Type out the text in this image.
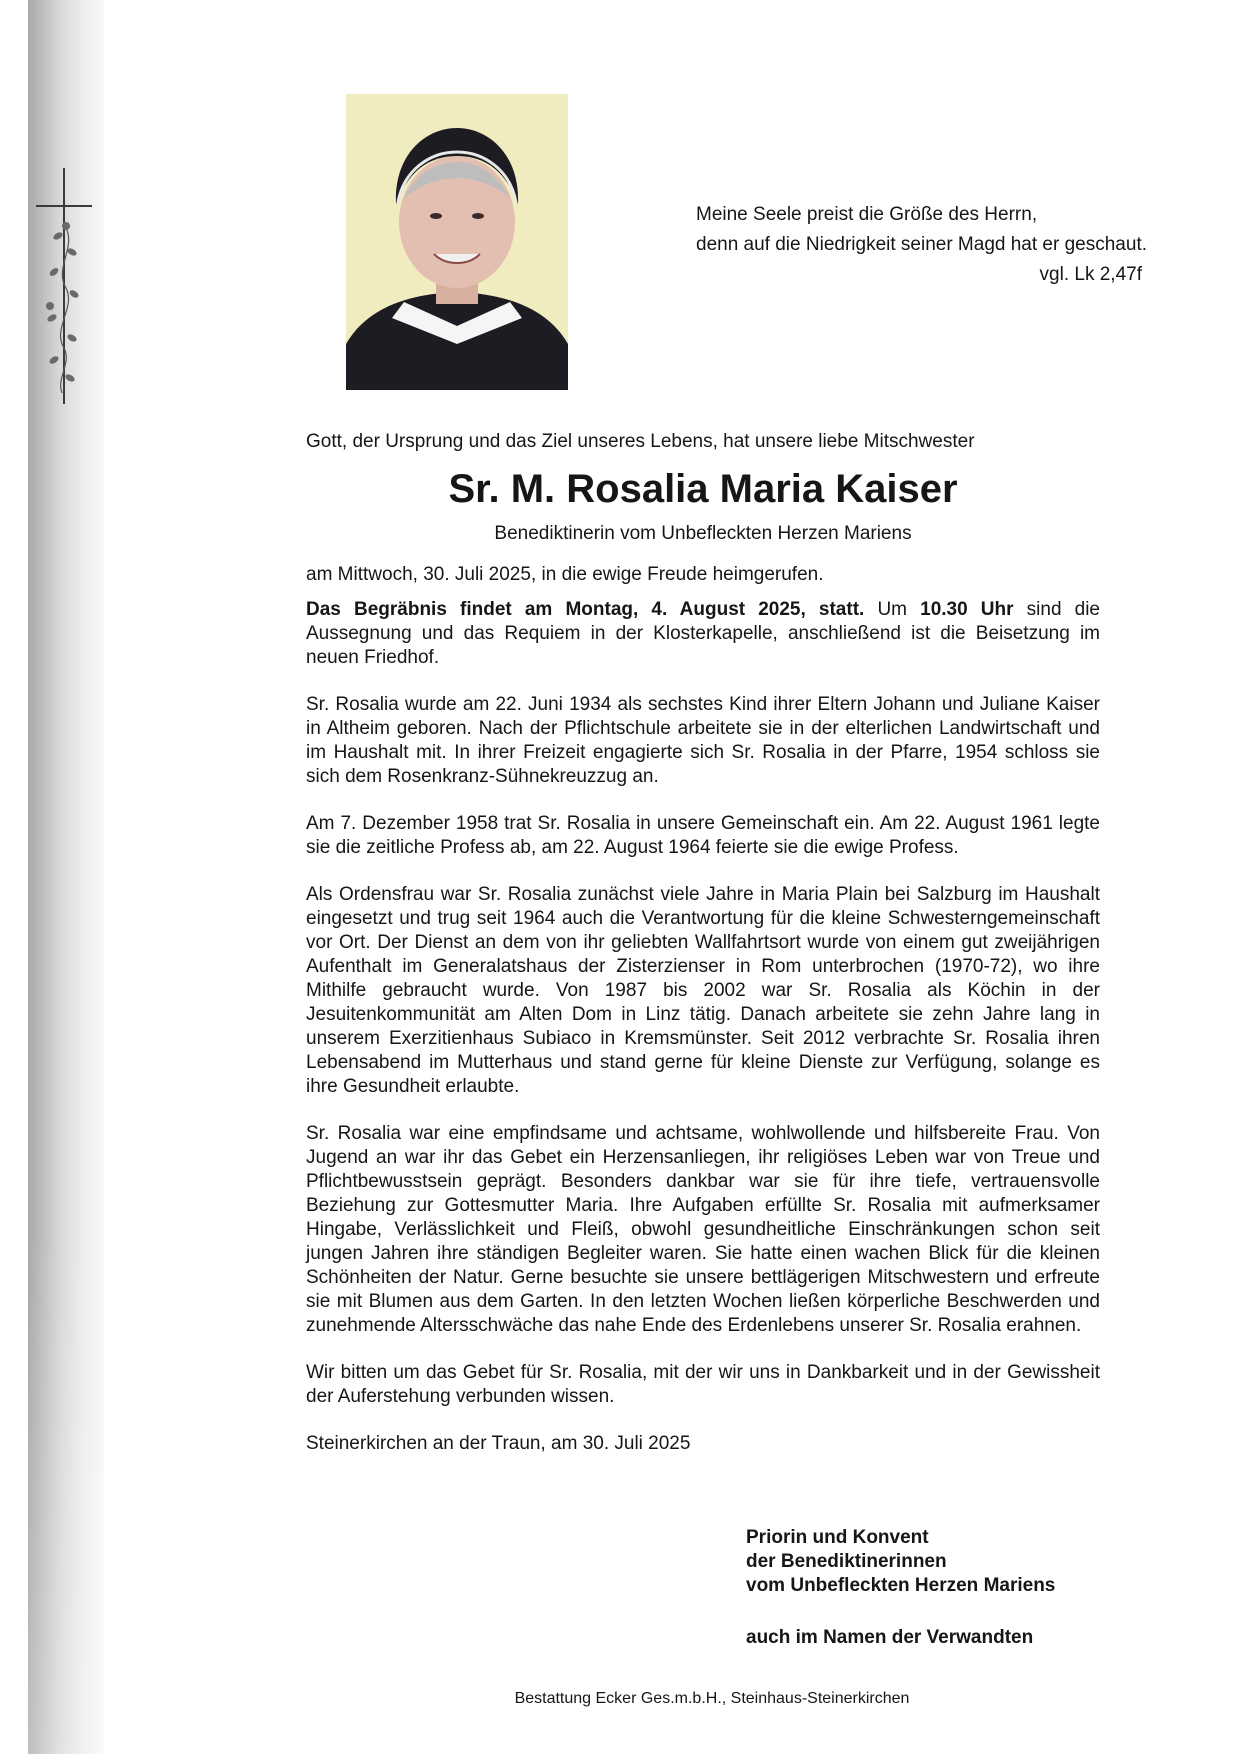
Meine Seele preist die Größe des Herrn,
denn auf die Niedrigkeit seiner Magd hat er geschaut.
vgl. Lk 2,47f

Gott, der Ursprung und das Ziel unseres Lebens, hat unsere liebe Mitschwester

Sr. M. Rosalia Maria Kaiser

Benediktinerin vom Unbefleckten Herzen Mariens

am Mittwoch, 30. Juli 2025, in die ewige Freude heimgerufen.

Das Begräbnis findet am Montag, 4. August 2025, statt. Um 10.30 Uhr sind die Aussegnung und das Requiem in der Klosterkapelle, anschließend ist die Beisetzung im neuen Friedhof.

Sr. Rosalia wurde am 22. Juni 1934 als sechstes Kind ihrer Eltern Johann und Juliane Kaiser in Altheim geboren. Nach der Pflichtschule arbeitete sie in der elterlichen Landwirtschaft und im Haushalt mit. In ihrer Freizeit engagierte sich Sr. Rosalia in der Pfarre, 1954 schloss sie sich dem Rosenkranz-Sühnekreuzzug an.

Am 7. Dezember 1958 trat Sr. Rosalia in unsere Gemeinschaft ein. Am 22. August 1961 legte sie die zeitliche Profess ab, am 22. August 1964 feierte sie die ewige Profess.

Als Ordensfrau war Sr. Rosalia zunächst viele Jahre in Maria Plain bei Salzburg im Haushalt eingesetzt und trug seit 1964 auch die Verantwortung für die kleine Schwesterngemeinschaft vor Ort. Der Dienst an dem von ihr geliebten Wallfahrtsort wurde von einem gut zweijährigen Aufenthalt im Generalatshaus der Zisterzienser in Rom unterbrochen (1970-72), wo ihre Mithilfe gebraucht wurde. Von 1987 bis 2002 war Sr. Rosalia als Köchin in der Jesuitenkommunität am Alten Dom in Linz tätig. Danach arbeitete sie zehn Jahre lang in unserem Exerzitienhaus Subiaco in Kremsmünster. Seit 2012 verbrachte Sr. Rosalia ihren Lebensabend im Mutterhaus und stand gerne für kleine Dienste zur Verfügung, solange es ihre Gesundheit erlaubte.

Sr. Rosalia war eine empfindsame und achtsame, wohlwollende und hilfsbereite Frau. Von Jugend an war ihr das Gebet ein Herzensanliegen, ihr religiöses Leben war von Treue und Pflichtbewusstsein geprägt. Besonders dankbar war sie für ihre tiefe, vertrauensvolle Beziehung zur Gottesmutter Maria. Ihre Aufgaben erfüllte Sr. Rosalia mit aufmerksamer Hingabe, Verlässlichkeit und Fleiß, obwohl gesundheitliche Einschränkungen schon seit jungen Jahren ihre ständigen Begleiter waren. Sie hatte einen wachen Blick für die kleinen Schönheiten der Natur. Gerne besuchte sie unsere bettlägerigen Mitschwestern und erfreute sie mit Blumen aus dem Garten. In den letzten Wochen ließen körperliche Beschwerden und zunehmende Altersschwäche das nahe Ende des Erdenlebens unserer Sr. Rosalia erahnen.

Wir bitten um das Gebet für Sr. Rosalia, mit der wir uns in Dankbarkeit und in der Gewissheit der Auferstehung verbunden wissen.

Steinerkirchen an der Traun, am 30. Juli 2025

Priorin und Konvent
der Benediktinerinnen
vom Unbefleckten Herzen Mariens
auch im Namen der Verwandten
Bestattung Ecker Ges.m.b.H., Steinhaus-Steinerkirchen
